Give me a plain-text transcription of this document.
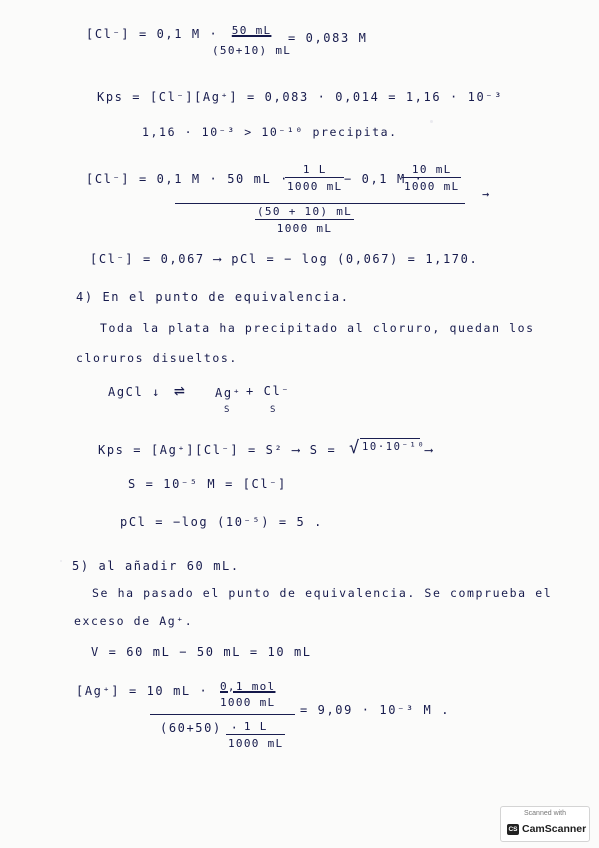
[Cl⁻] = 0,1 M ·
$\frac{50 mL}{(50+10) mL}$
= 0,083 M
Kps = [Cl⁻][Ag⁺] = 0,083 · 0,014 = 1,16 · 10⁻³
1,16 · 10⁻³ > 10⁻¹⁰ precipita.
[Cl⁻] = 0,1 M · 50 mL ·
$\frac{1 L}{1000 mL} - 0,1$ M ·
$\frac{10 mL}{1000 mL}$
→
$\frac{(50 + 10) mL}{1000 mL}$
[Cl⁻] = 0,067 ⟶ pCl = − log (0,067) = 1,170.
4) En el punto de equivalencia.
Toda la plata ha precipitado al cloruro, quedan los
cloruros disueltos.
AgCl ↓ ⇌ Ag⁺ + Cl⁻
S	S
Kps = [Ag⁺][Cl⁻] = S² ⟶ S = √ 10·10⁻¹⁰ ⟶
S = 10⁻⁵ M = [Cl⁻]
pCl = −log (10⁻⁵) = 5 .
5) al añadir 60 mL.
Se ha pasado el punto de equivalencia. Se comprueba el
exceso de Ag⁺.
V = 60 mL − 50 mL = 10 mL
[Ag⁺] = 10 mL · 0,1 mol
1000 mL
= 9,09 · 10⁻³ M .
(60+50) ·
$\frac{1 L}{1000 mL}$
Scanned with
CS CamScanner
